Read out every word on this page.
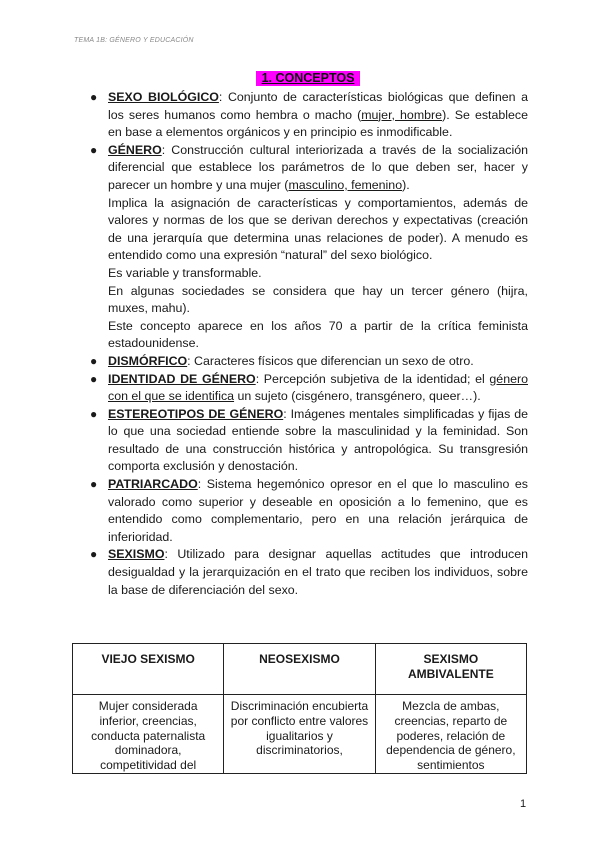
TEMA 1B: GÉNERO Y EDUCACIÓN
1. CONCEPTOS
● SEXO BIOLÓGICO: Conjunto de características biológicas que definen a los seres humanos como hembra o macho (mujer, hombre). Se establece en base a elementos orgánicos y en principio es inmodificable.

● GÉNERO: Construcción cultural interiorizada a través de la socialización diferencial que establece los parámetros de lo que deben ser, hacer y parecer un hombre y una mujer (masculino, femenino).

Implica la asignación de características y comportamientos, además de valores y normas de los que se derivan derechos y expectativas (creación de una jerarquía que determina unas relaciones de poder). A menudo es entendido como una expresión “natural” del sexo biológico.

Es variable y transformable.

En algunas sociedades se considera que hay un tercer género (hijra, muxes, mahu).

Este concepto aparece en los años 70 a partir de la crítica feminista estadounidense.

● DISMÓRFICO: Caracteres físicos que diferencian un sexo de otro.

● IDENTIDAD DE GÉNERO: Percepción subjetiva de la identidad; el género con el que se identifica un sujeto (cisgénero, transgénero, queer…).

● ESTEREOTIPOS DE GÉNERO: Imágenes mentales simplificadas y fijas de lo que una sociedad entiende sobre la masculinidad y la feminidad. Son resultado de una construcción histórica y antropológica. Su transgresión comporta exclusión y denostación.

● PATRIARCADO: Sistema hegemónico opresor en el que lo masculino es valorado como superior y deseable en oposición a lo femenino, que es entendido como complementario, pero en una relación jerárquica de inferioridad.

● SEXISMO: Utilizado para designar aquellas actitudes que introducen desigualdad y la jerarquización en el trato que reciben los individuos, sobre la base de diferenciación del sexo.

VIEJO SEXISMO	NEOSEXISMO	SEXISMO AMBIVALENTE
Mujer considerada inferior, creencias, conducta paternalista dominadora, competitividad del	Discriminación encubierta por conflicto entre valores igualitarios y discriminatorios,	Mezcla de ambas, creencias, reparto de poderes, relación de dependencia de género, sentimientos
1
